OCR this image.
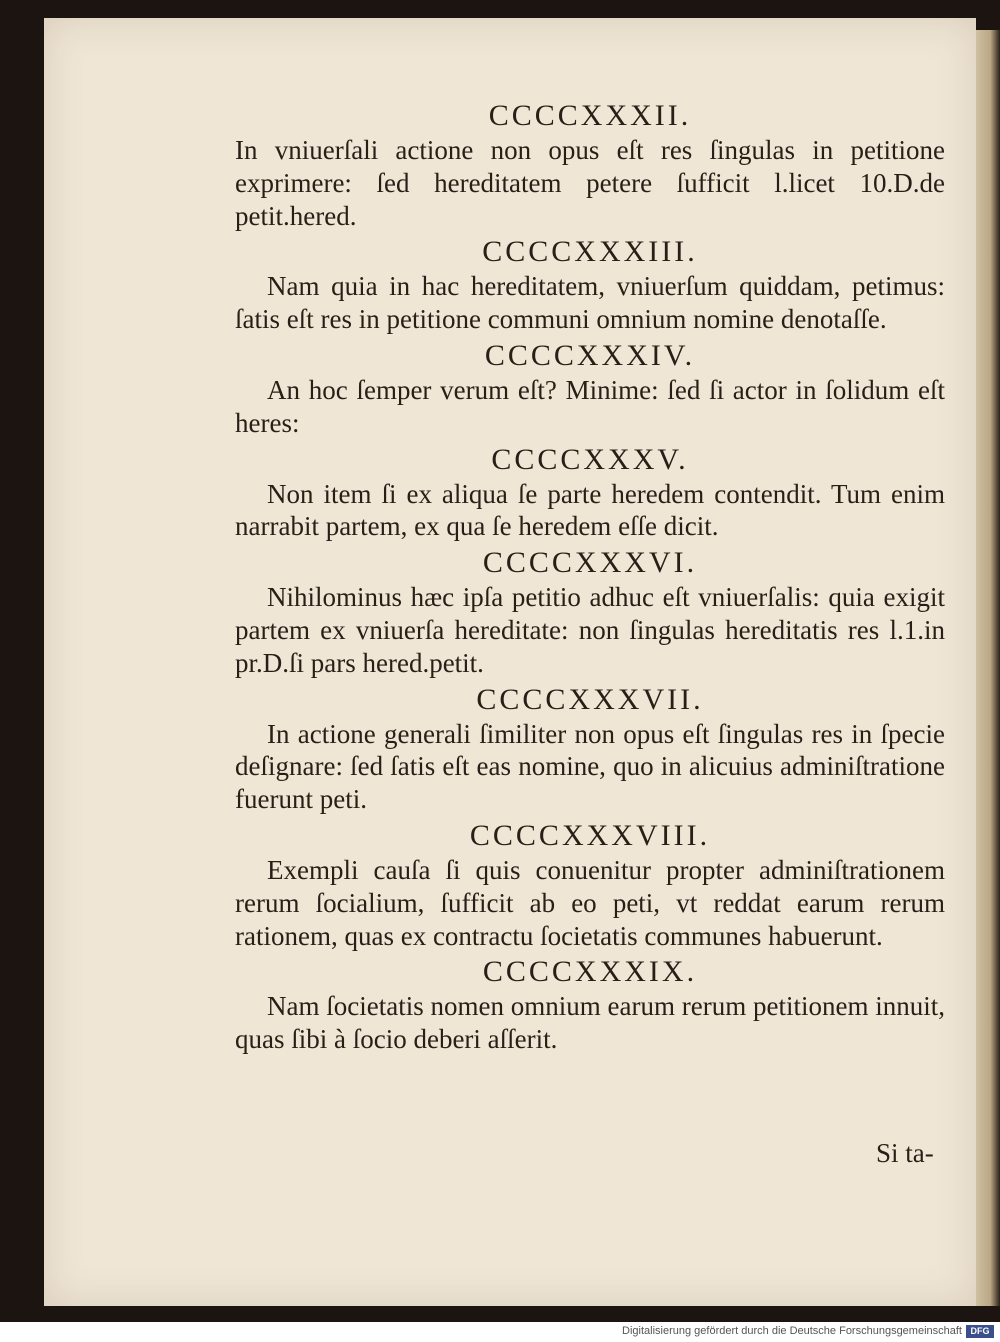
CCCCXXXII.

In vniuerſali actione non opus eſt res ſingulas in petitione exprimere: ſed hereditatem petere ſufficit l.licet 10.D.de petit.hered.

CCCCXXXIII.

Nam quia in hac hereditatem, vniuerſum quiddam, petimus: ſatis eſt res in petitione communi omnium nomine denotaſſe.

CCCCXXXIV.

An hoc ſemper verum eſt? Minime: ſed ſi actor in ſolidum eſt heres:

CCCCXXXV.

Non item ſi ex aliqua ſe parte heredem contendit. Tum enim narrabit partem, ex qua ſe heredem eſſe dicit.

CCCCXXXVI.

Nihilominus hæc ipſa petitio adhuc eſt vniuerſalis: quia exigit partem ex vniuerſa hereditate: non ſingulas hereditatis res l.1.in pr.D.ſi pars hered.petit.

CCCCXXXVII.

In actione generali ſimiliter non opus eſt ſingulas res in ſpecie deſignare: ſed ſatis eſt eas nomine, quo in alicuius adminiſtratione fuerunt peti.

CCCCXXXVIII.

Exempli cauſa ſi quis conuenitur propter adminiſtrationem rerum ſocialium, ſufficit ab eo peti, vt reddat earum rerum rationem, quas ex contractu ſocietatis communes habuerunt.

CCCCXXXIX.

Nam ſocietatis nomen omnium earum rerum petitionem innuit, quas ſibi à ſocio deberi aſſerit.

Si ta-
Digitalisierung gefördert durch die Deutsche Forschungsgemeinschaft DFG
